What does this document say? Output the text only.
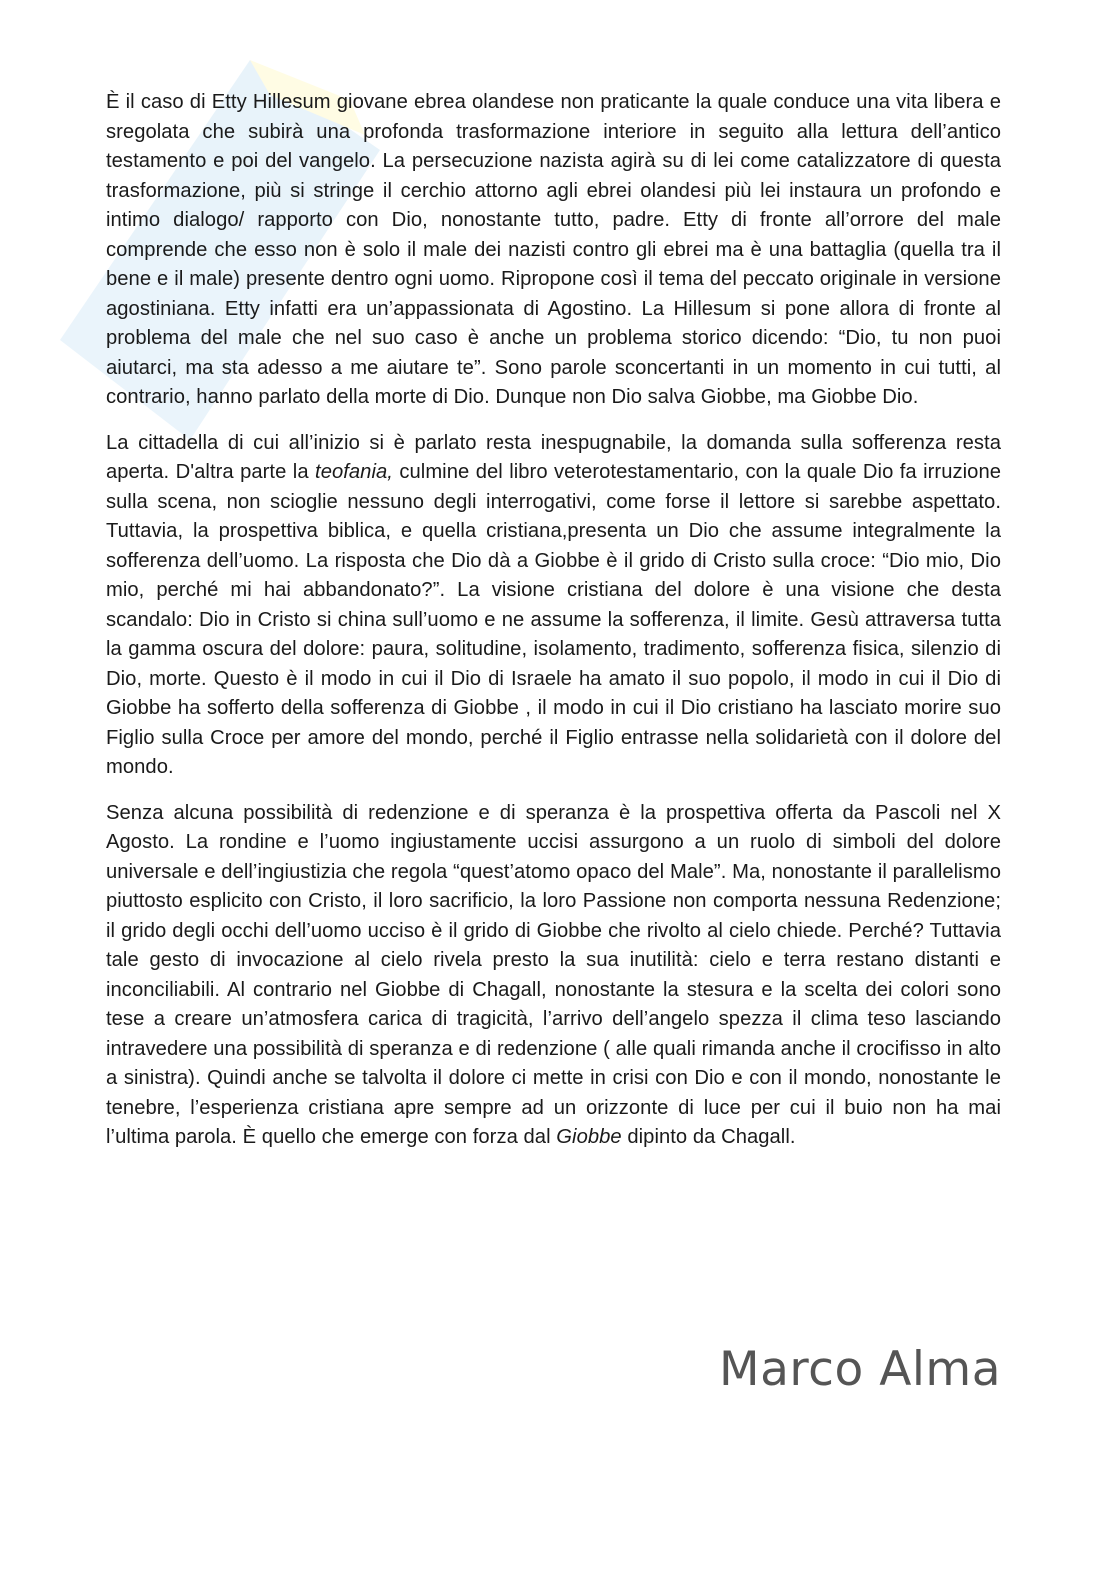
È il caso di Etty Hillesum giovane ebrea olandese non praticante la quale conduce una vita libera e sregolata che subirà una profonda trasformazione interiore in seguito alla lettura dell’antico testamento e poi del vangelo. La persecuzione nazista agirà su di lei come catalizzatore di questa trasformazione, più si stringe il cerchio attorno agli ebrei olandesi più lei instaura un profondo e intimo dialogo/ rapporto con Dio, nonostante tutto, padre. Etty di fronte all’orrore del male comprende che esso non è solo il male dei nazisti contro gli ebrei ma è una battaglia (quella tra il bene e il male) presente dentro ogni uomo. Ripropone così il tema del peccato originale in versione agostiniana. Etty infatti era un’appassionata di Agostino. La Hillesum si pone allora di fronte al problema del male che nel suo caso è anche un problema storico dicendo: “Dio, tu non puoi aiutarci, ma sta adesso a me aiutare te”. Sono parole sconcertanti in un momento in cui tutti, al contrario, hanno parlato della morte di Dio. Dunque non Dio salva Giobbe, ma Giobbe Dio.

La cittadella di cui all’inizio si è parlato resta inespugnabile, la domanda sulla sofferenza resta aperta. D'altra parte la teofania, culmine del libro veterotestamentario, con la quale Dio fa irruzione sulla scena, non scioglie nessuno degli interrogativi, come forse il lettore si sarebbe aspettato. Tuttavia, la prospettiva biblica, e quella cristiana,presenta un Dio che assume integralmente la sofferenza dell’uomo. La risposta che Dio dà a Giobbe è il grido di Cristo sulla croce: “Dio mio, Dio mio, perché mi hai abbandonato?”. La visione cristiana del dolore è una visione che desta scandalo: Dio in Cristo si china sull’uomo e ne assume la sofferenza, il limite. Gesù attraversa tutta la gamma oscura del dolore: paura, solitudine, isolamento, tradimento, sofferenza fisica, silenzio di Dio, morte. Questo è il modo in cui il Dio di Israele ha amato il suo popolo, il modo in cui il Dio di Giobbe ha sofferto della sofferenza di Giobbe , il modo in cui il Dio cristiano ha lasciato morire suo Figlio sulla Croce per amore del mondo, perché il Figlio entrasse nella solidarietà con il dolore del mondo.

Senza alcuna possibilità di redenzione e di speranza è la prospettiva offerta da Pascoli nel X Agosto. La rondine e l’uomo ingiustamente uccisi assurgono a un ruolo di simboli del dolore universale e dell’ingiustizia che regola “quest’atomo opaco del Male”. Ma, nonostante il parallelismo piuttosto esplicito con Cristo, il loro sacrificio, la loro Passione non comporta nessuna Redenzione; il grido degli occhi dell’uomo ucciso è il grido di Giobbe che rivolto al cielo chiede. Perché? Tuttavia tale gesto di invocazione al cielo rivela presto la sua inutilità: cielo e terra restano distanti e inconciliabili. Al contrario nel Giobbe di Chagall, nonostante la stesura e la scelta dei colori sono tese a creare un’atmosfera carica di tragicità, l’arrivo dell’angelo spezza il clima teso lasciando intravedere una possibilità di speranza e di redenzione ( alle quali rimanda anche il crocifisso in alto a sinistra). Quindi anche se talvolta il dolore ci mette in crisi con Dio e con il mondo, nonostante le tenebre, l’esperienza cristiana apre sempre ad un orizzonte di luce per cui il buio non ha mai l’ultima parola. È quello che emerge con forza dal Giobbe dipinto da Chagall.

Marco Alma
